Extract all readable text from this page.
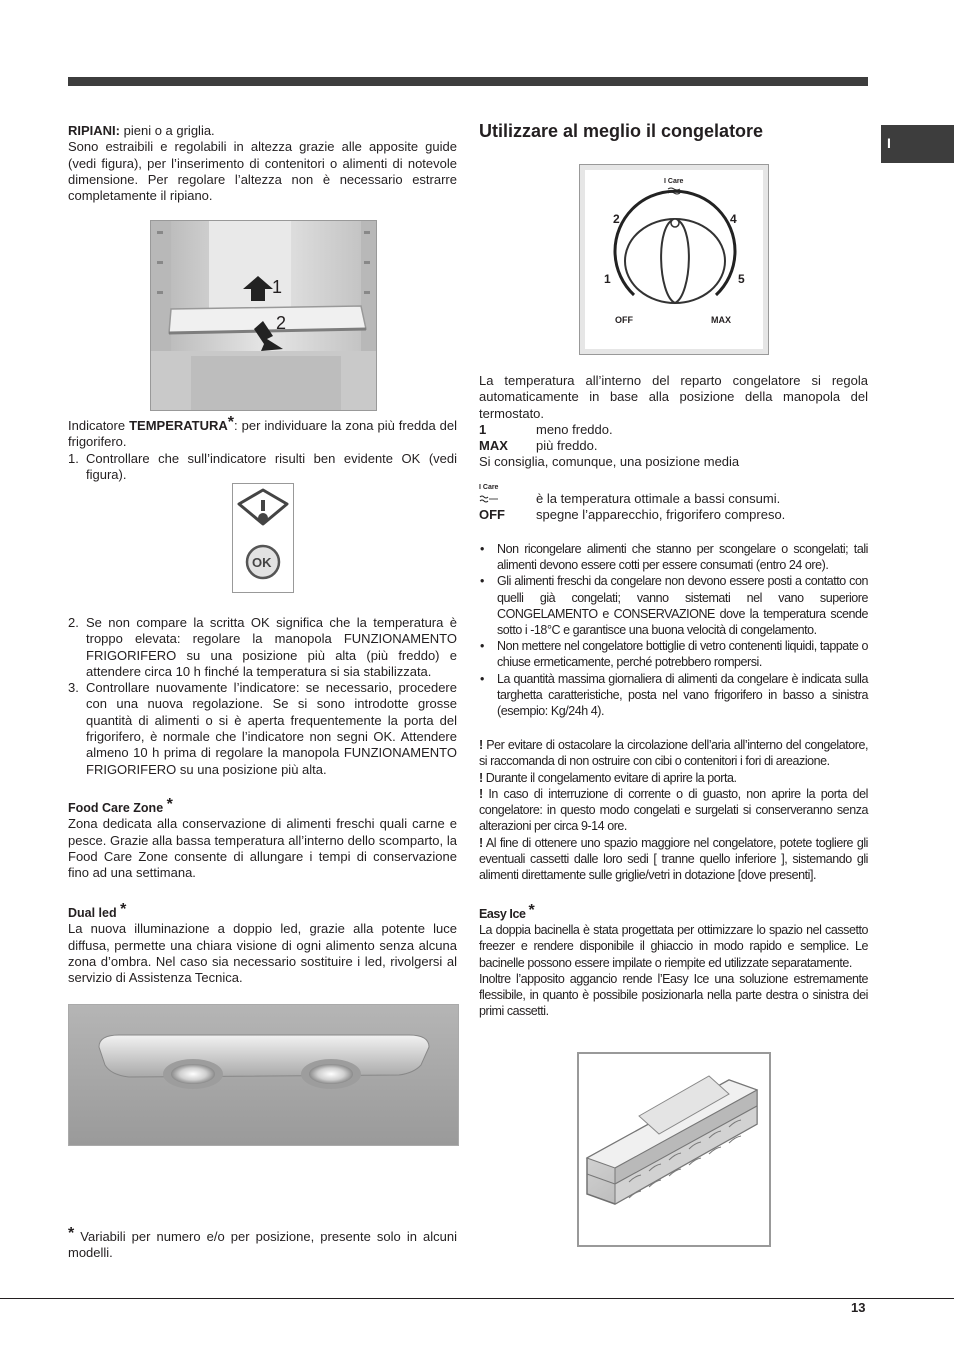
I

RIPIANI: pieni o a griglia.

Sono estraibili e regolabili in altezza grazie alle apposite guide (vedi figura), per l’inserimento di contenitori o alimenti di notevole dimensione. Per regolare l’altezza non è necessario estrarre completamente il ripiano.

1
2

Indicatore TEMPERATURA*: per individuare la zona più fredda del frigorifero.

1. Controllare che sull’indicatore risulti ben evidente OK (vedi figura).
OK
2. Se non compare la scritta OK significa che la temperatura è troppo elevata: regolare la manopola FUNZIONAMENTO FRIGORIFERO su una posizione più alta (più freddo) e attendere circa 10 h finché la temperatura si sia stabilizzata.
3. Controllare nuovamente l’indicatore: se necessario, procedere con una nuova regolazione. Se si sono introdotte grosse quantità di alimenti o si è aperta frequentemente la porta del frigorifero, è normale che l’indicatore non segni OK. Attendere almeno 10 h prima di regolare la manopola FUNZIONAMENTO FRIGORIFERO su una posizione più alta.

Food Care Zone *

Zona dedicata alla conservazione di alimenti freschi quali carne e pesce. Grazie alla bassa temperatura all’interno dello scomparto, la Food Care Zone consente di allungare i tempi di conservazione fino ad una settimana.

Dual led *

La nuova illuminazione a doppio led, grazie alla potente luce diffusa, permette una chiara visione di ogni alimento senza alcuna zona d’ombra. Nel caso sia necessario sostituire i led, rivolgersi al servizio di Assistenza Tecnica.

* Variabili per numero e/o per posizione, presente solo in alcuni modelli.

Utilizzare al meglio il congelatore
I Care
2	4
1	5
OFF	MAX

La temperatura all’interno del reparto congelatore si regola automaticamente in base alla posizione della manopola del termostato.

1	meno freddo.
MAX	più freddo.

Si consiglia, comunque, una posizione media

I Care
è la temperatura ottimale a bassi consumi.
OFF	spegne l’apparecchio, frigorifero compreso.
• Non ricongelare alimenti che stanno per scongelare o scongelati; tali alimenti devono essere cotti per essere consumati (entro 24 ore).
• Gli alimenti freschi da congelare non devono essere posti a contatto con quelli già congelati; vanno sistemati nel vano superiore CONGELAMENTO e CONSERVAZIONE dove la temperatura scende sotto i -18°C e garantisce una buona velocità di congelamento.
• Non mettere nel congelatore bottiglie di vetro contenenti liquidi, tappate o chiuse ermeticamente, perché potrebbero rompersi.
• La quantità massima giornaliera di alimenti da congelare è indicata sulla targhetta caratteristiche, posta nel vano frigorifero in basso a sinistra (esempio: Kg/24h 4).

! Per evitare di ostacolare la circolazione dell’aria all’interno del congelatore, si raccomanda di non ostruire con cibi o contenitori i fori di areazione.

! Durante il congelamento evitare di aprire la porta.

! In caso di interruzione di corrente o di guasto, non aprire la porta del congelatore: in questo modo congelati e surgelati si conserveranno senza alterazioni per circa 9-14 ore.

! Al fine di ottenere uno spazio maggiore nel congelatore, potete togliere gli eventuali cassetti dalle loro sedi [ tranne quello inferiore ], sistemando gli alimenti direttamente sulle griglie/vetri in dotazione [dove presenti].

Easy Ice *

La doppia bacinella è stata progettata per ottimizzare lo spazio nel cassetto freezer e rendere disponibile il ghiaccio in modo rapido e semplice. Le bacinelle possono essere impilate o riempite ed utilizzate separatamente.

Inoltre l’apposito aggancio rende l’Easy Ice una soluzione estremamente flessibile, in quanto è possibile posizionarla nella parte destra o sinistra dei primi cassetti.

13
